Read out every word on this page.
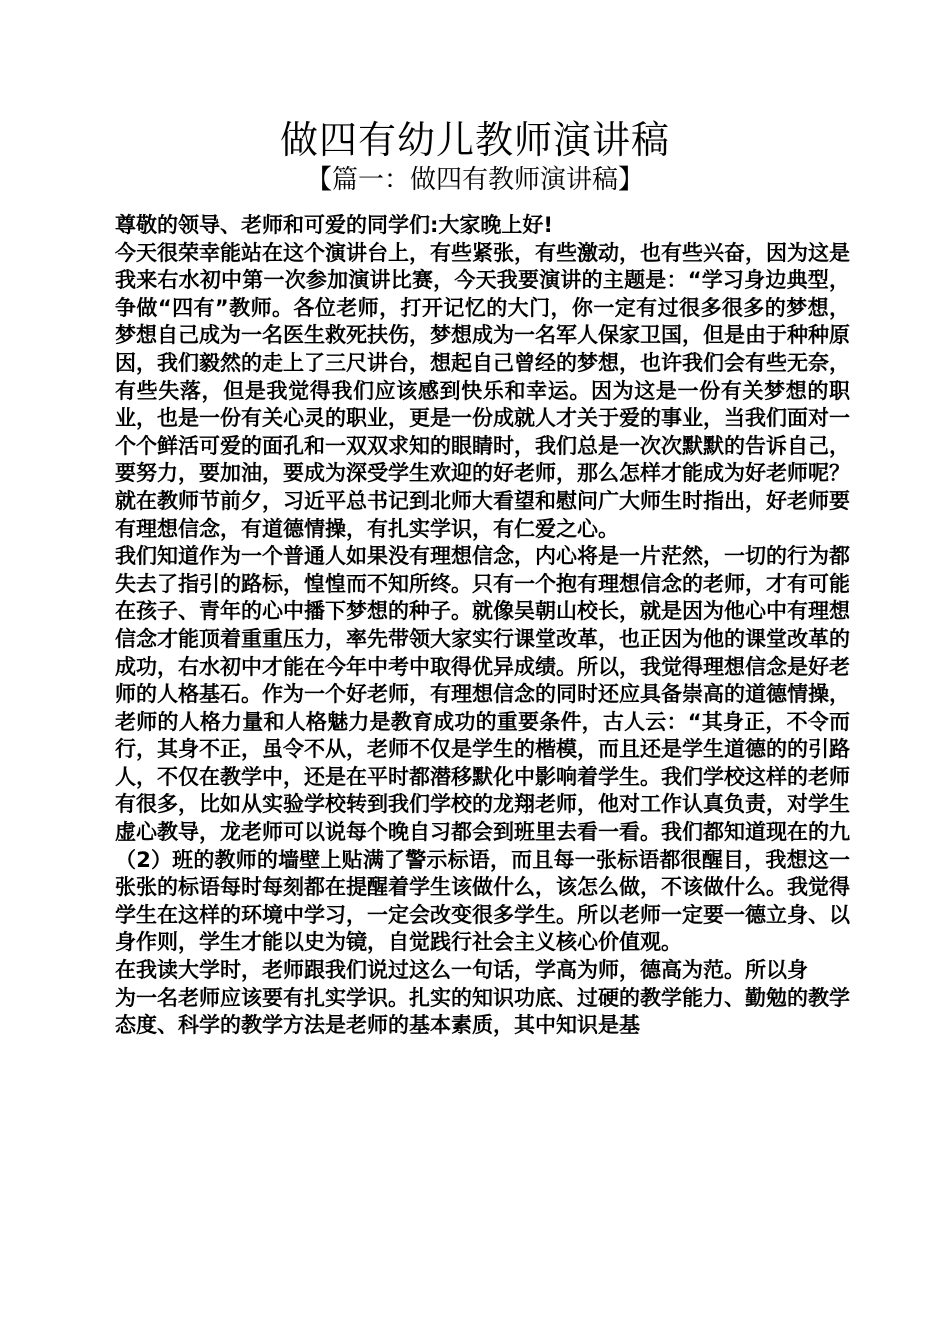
做四有幼儿教师演讲稿
【篇一：做四有教师演讲稿】

尊敬的领导、老师和可爱的同学们:大家晚上好!

今天很荣幸能站在这个演讲台上，有些紧张，有些激动，也有些兴奋，因为这是我来右水初中第一次参加演讲比赛，今天我要演讲的主题是：“学习身边典型，争做“四有”教师。各位老师，打开记忆的大门，你一定有过很多很多的梦想，梦想自己成为一名医生救死扶伤，梦想成为一名军人保家卫国，但是由于种种原因，我们毅然的走上了三尺讲台，想起自己曾经的梦想，也许我们会有些无奈，有些失落，但是我觉得我们应该感到快乐和幸运。因为这是一份有关梦想的职业，也是一份有关心灵的职业，更是一份成就人才关于爱的事业，当我们面对一个个鲜活可爱的面孔和一双双求知的眼睛时，我们总是一次次默默的告诉自己，要努力，要加油，要成为深受学生欢迎的好老师，那么怎样才能成为好老师呢？就在教师节前夕，习近平总书记到北师大看望和慰问广大师生时指出，好老师要有理想信念，有道德情操，有扎实学识，有仁爱之心。

我们知道作为一个普通人如果没有理想信念，内心将是一片茫然，一切的行为都失去了指引的路标，惶惶而不知所终。只有一个抱有理想信念的老师，才有可能在孩子、青年的心中播下梦想的种子。就像吴朝山校长，就是因为他心中有理想信念才能顶着重重压力，率先带领大家实行课堂改革，也正因为他的课堂改革的成功，右水初中才能在今年中考中取得优异成绩。所以，我觉得理想信念是好老师的人格基石。作为一个好老师，有理想信念的同时还应具备崇高的道德情操，老师的人格力量和人格魅力是教育成功的重要条件，古人云：“其身正，不令而行，其身不正，虽令不从，老师不仅是学生的楷模，而且还是学生道德的的引路人，不仅在教学中，还是在平时都潜移默化中影响着学生。我们学校这样的老师有很多，比如从实验学校转到我们学校的龙翔老师，他对工作认真负责，对学生虚心教导，龙老师可以说每个晚自习都会到班里去看一看。我们都知道现在的九（2）班的教师的墙壁上贴满了警示标语，而且每一张标语都很醒目，我想这一张张的标语每时每刻都在提醒着学生该做什么，该怎么做，不该做什么。我觉得学生在这样的环境中学习，一定会改变很多学生。所以老师一定要一德立身、以身作则，学生才能以史为镜，自觉践行社会主义核心价值观。

在我读大学时，老师跟我们说过这么一句话，学高为师，德高为范。所以身

为一名老师应该要有扎实学识。扎实的知识功底、过硬的教学能力、勤勉的教学态度、科学的教学方法是老师的基本素质，其中知识是基
